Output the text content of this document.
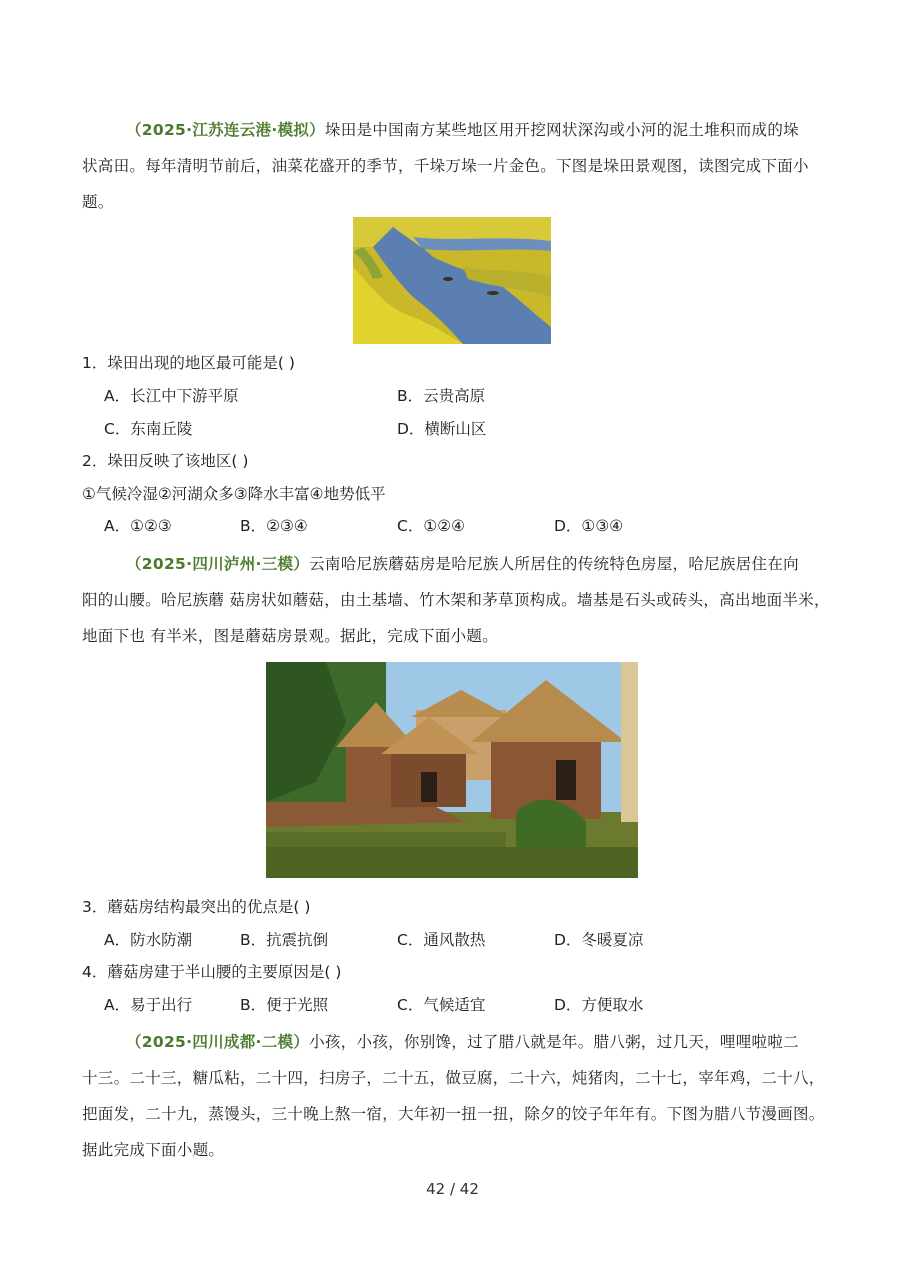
（2025·江苏连云港·模拟）垛田是中国南方某些地区用开挖网状深沟或小河的泥土堆积而成的垛
状高田。每年清明节前后，油菜花盛开的季节，千垛万垛一片金色。下图是垛田景观图，读图完成下面小
题。
1．垛田出现的地区最可能是( )
A．长江中下游平原	B．云贵高原
C．东南丘陵	D．横断山区
2．垛田反映了该地区( )
①气候冷湿②河湖众多③降水丰富④地势低平
A．①②③	B．②③④	C．①②④	D．①③④
（2025·四川泸州·三模）云南哈尼族蘑菇房是哈尼族人所居住的传统特色房屋，哈尼族居住在向
阳的山腰。哈尼族蘑 菇房状如蘑菇，由土基墙、竹木架和茅草顶构成。墙基是石头或砖头，高出地面半米，
地面下也 有半米，图是蘑菇房景观。据此，完成下面小题。
3．蘑菇房结构最突出的优点是( )
A．防水防潮	B．抗震抗倒	C．通风散热	D．冬暖夏凉
4．蘑菇房建于半山腰的主要原因是( )
A．易于出行	B．便于光照	C．气候适宜	D．方便取水
（2025·四川成都·二模）小孩，小孩，你别馋，过了腊八就是年。腊八粥，过几天，哩哩啦啦二
十三。二十三，糖瓜粘，二十四，扫房子，二十五，做豆腐，二十六，炖猪肉，二十七，宰年鸡，二十八，
把面发，二十九，蒸馒头，三十晚上熬一宿，大年初一扭一扭，除夕的饺子年年有。下图为腊八节漫画图。
据此完成下面小题。
42 / 42
